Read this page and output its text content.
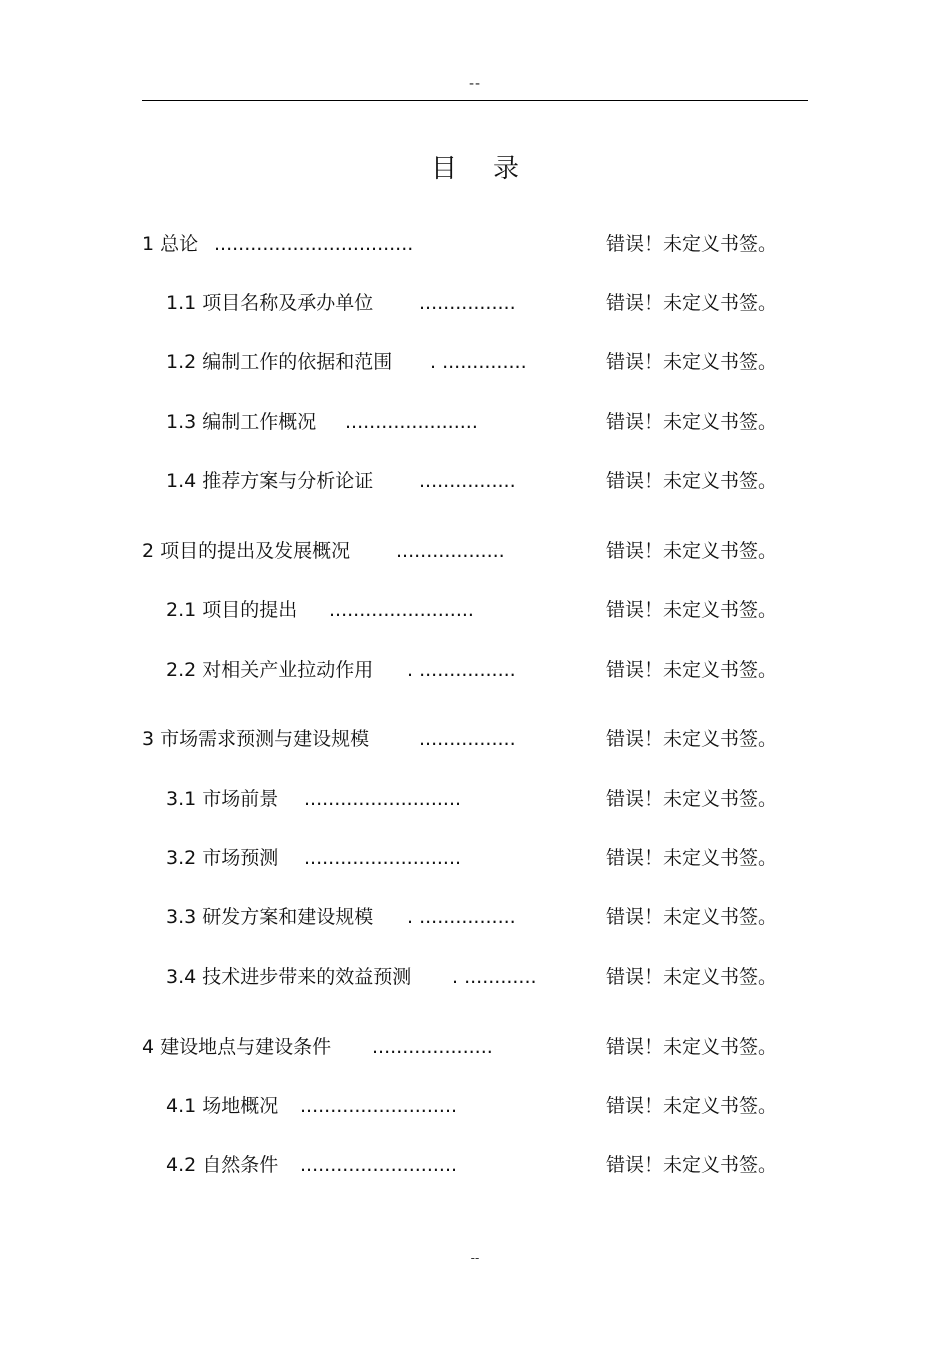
--
目录
1 总论 .................................	错误！未定义书签。
1.1 项目名称及承办单位 ................	错误！未定义书签。
1.2 编制工作的依据和范围 . ..............	错误！未定义书签。
1.3 编制工作概况 ......................	错误！未定义书签。
1.4 推荐方案与分析论证 ................	错误！未定义书签。
2 项目的提出及发展概况 ..................	错误！未定义书签。
2.1 项目的提出 ........................	错误！未定义书签。
2.2 对相关产业拉动作用 . ................	错误！未定义书签。
3 市场需求预测与建设规模	................	错误！未定义书签。
3.1 市场前景 ..........................	错误！未定义书签。
3.2 市场预测 ..........................	错误！未定义书签。
3.3 研发方案和建设规模 . ................	错误！未定义书签。
3.4 技术进步带来的效益预测 . ............	错误！未定义书签。
4 建设地点与建设条件 ....................	错误！未定义书签。
4.1 场地概况 ..........................	错误！未定义书签。
4.2 自然条件 ..........................	错误！未定义书签。
--
